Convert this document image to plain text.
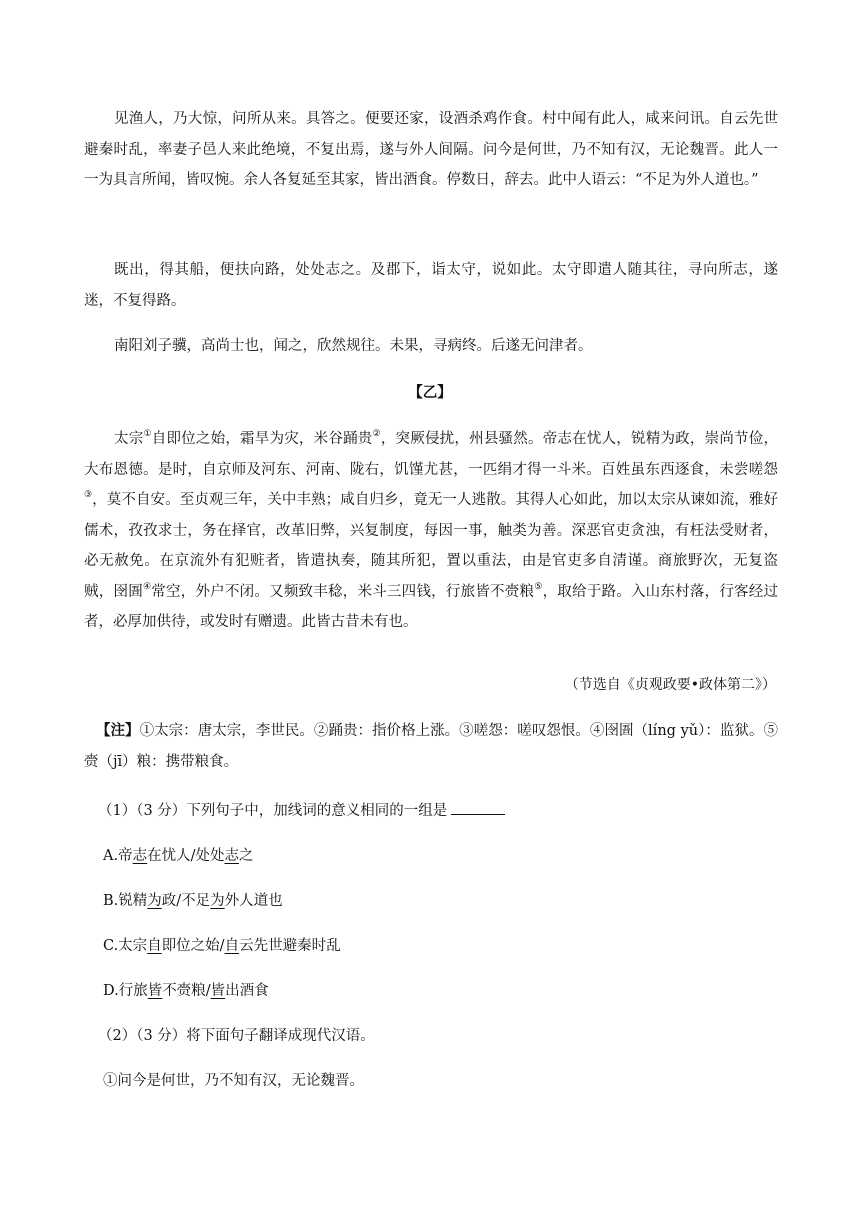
见渔人，乃大惊，问所从来。具答之。便要还家，设酒杀鸡作食。村中闻有此人，咸来问讯。自云先世避秦时乱，率妻子邑人来此绝境，不复出焉，遂与外人间隔。问今是何世，乃不知有汉，无论魏晋。此人一一为具言所闻，皆叹惋。余人各复延至其家，皆出酒食。停数日，辞去。此中人语云：“不足为外人道也。”

既出，得其船，便扶向路，处处志之。及郡下，诣太守，说如此。太守即遣人随其往，寻向所志，遂迷，不复得路。

南阳刘子骥，高尚士也，闻之，欣然规往。未果，寻病终。后遂无问津者。

【乙】

太宗①自即位之始，霜旱为灾，米谷踊贵②，突厥侵扰，州县骚然。帝志在忧人，锐精为政，崇尚节俭，大布恩德。是时，自京师及河东、河南、陇右，饥馑尤甚，一匹绢才得一斗米。百姓虽东西逐食，未尝嗟怨③，莫不自安。至贞观三年，关中丰熟；咸自归乡，竟无一人逃散。其得人心如此，加以太宗从谏如流，雅好儒术，孜孜求士，务在择官，改革旧弊，兴复制度，每因一事，触类为善。深恶官吏贪浊，有枉法受财者，必无赦免。在京流外有犯赃者，皆遣执奏，随其所犯，置以重法，由是官吏多自清谨。商旅野次，无复盗贼，囹圄④常空，外户不闭。又频致丰稔，米斗三四钱，行旅皆不赍粮⑤，取给于路。入山东村落，行客经过者，必厚加供待，或发时有赠遗。此皆古昔未有也。

（节选自《贞观政要•政体第二》）

【注】①太宗：唐太宗，李世民。②踊贵：指价格上涨。③嗟怨：嗟叹怨恨。④囹圄（líng yǔ）：监狱。⑤赍（jī）粮：携带粮食。

（1）（3 分）下列句子中，加线词的意义相同的一组是
A.帝志在忧人/处处志之
B.锐精为政/不足为外人道也
C.太宗自即位之始/自云先世避秦时乱
D.行旅皆不赍粮/皆出酒食
（2）（3 分）将下面句子翻译成现代汉语。
①问今是何世，乃不知有汉，无论魏晋。
